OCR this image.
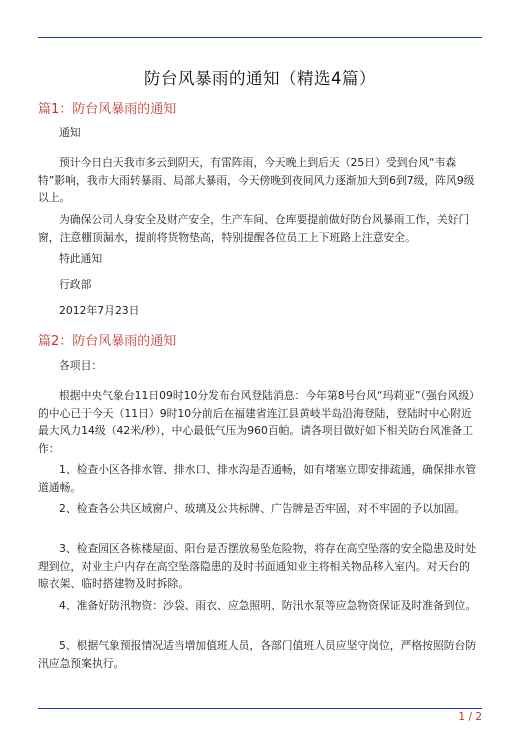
防台风暴雨的通知（精选4篇）
篇1：防台风暴雨的通知
通知
预计今日白天我市多云到阴天，有雷阵雨，今天晚上到后天（25日）受到台风“韦森特”影响，我市大雨转暴雨、局部大暴雨，今天傍晚到夜间风力逐渐加大到6到7级，阵风9级以上。
为确保公司人身安全及财产安全，生产车间、仓库要提前做好防台风暴雨工作，关好门窗，注意棚顶漏水，提前将货物垫高，特别提醒各位员工上下班路上注意安全。
特此通知
行政部
2012年7月23日
篇2：防台风暴雨的通知
各项目：
根据中央气象台11日09时10分发布台风登陆消息：今年第8号台风“玛莉亚”（强台风级）的中心已于今天（11日）9时10分前后在福建省连江县黄岐半岛沿海登陆，登陆时中心附近最大风力14级（42米/秒），中心最低气压为960百帕。请各项目做好如下相关防台风准备工作：
1、检查小区各排水管、排水口、排水沟是否通畅，如有堵塞立即安排疏通，确保排水管道通畅。
2、检查各公共区域窗户、玻璃及公共标牌、广告牌是否牢固，对不牢固的予以加固。
3、检查园区各栋楼屋面、阳台是否摆放易坠危险物，将存在高空坠落的安全隐患及时处理到位，对业主户内存在高空坠落隐患的及时书面通知业主将相关物品移入室内。对天台的晾衣架、临时搭建物及时拆除。
4、准备好防汛物资：沙袋、雨衣、应急照明、防汛水泵等应急物资保证及时准备到位。
5、根据气象预报情况适当增加值班人员，各部门值班人员应坚守岗位，严格按照防台防汛应急预案执行。
1 / 2
